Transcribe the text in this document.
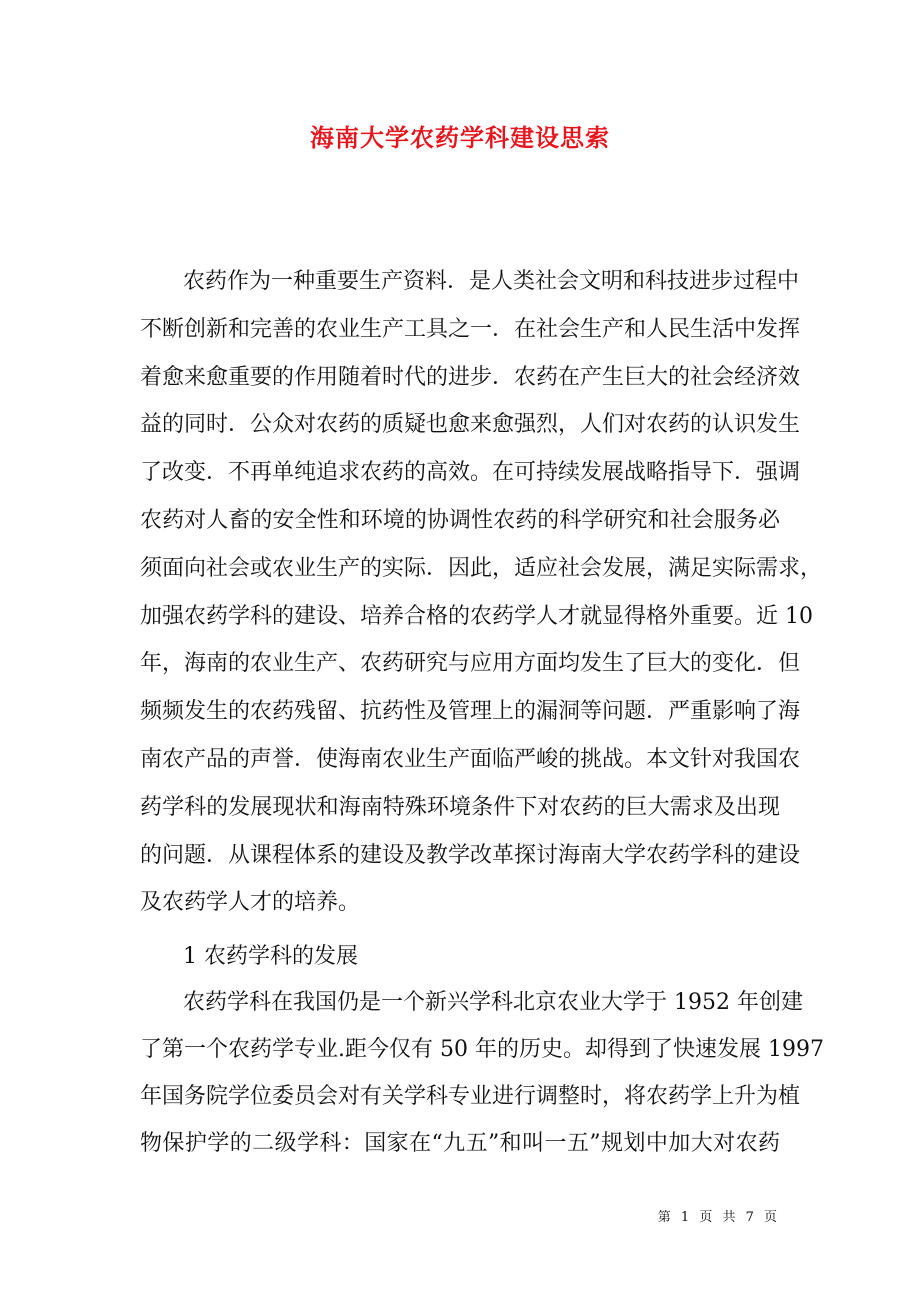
海南大学农药学科建设思索
农药作为一种重要生产资料．是人类社会文明和科技进步过程中
不断创新和完善的农业生产工具之一．在社会生产和人民生活中发挥
着愈来愈重要的作用随着时代的进步．农药在产生巨大的社会经济效
益的同时．公众对农药的质疑也愈来愈强烈，人们对农药的认识发生
了改变．不再单纯追求农药的高效。在可持续发展战略指导下．强调
农药对人畜的安全性和环境的协调性农药的科学研究和社会服务必
须面向社会或农业生产的实际．因此，适应社会发展，满足实际需求，
加强农药学科的建设、培养合格的农药学人才就显得格外重要。近 10
年，海南的农业生产、农药研究与应用方面均发生了巨大的变化．但
频频发生的农药残留、抗药性及管理上的漏洞等问题．严重影响了海
南农产品的声誉．使海南农业生产面临严峻的挑战。本文针对我国农
药学科的发展现状和海南特殊环境条件下对农药的巨大需求及出现
的问题．从课程体系的建设及教学改革探讨海南大学农药学科的建设
及农药学人才的培养。
1 农药学科的发展
农药学科在我国仍是一个新兴学科北京农业大学于 1952 年创建
了第一个农药学专业.距今仅有 50 年的历史。却得到了快速发展 1997
年国务院学位委员会对有关学科专业进行调整时，将农药学上升为植
物保护学的二级学科：国家在“九五”和叫一五”规划中加大对农药
第 1 页 共 7 页
